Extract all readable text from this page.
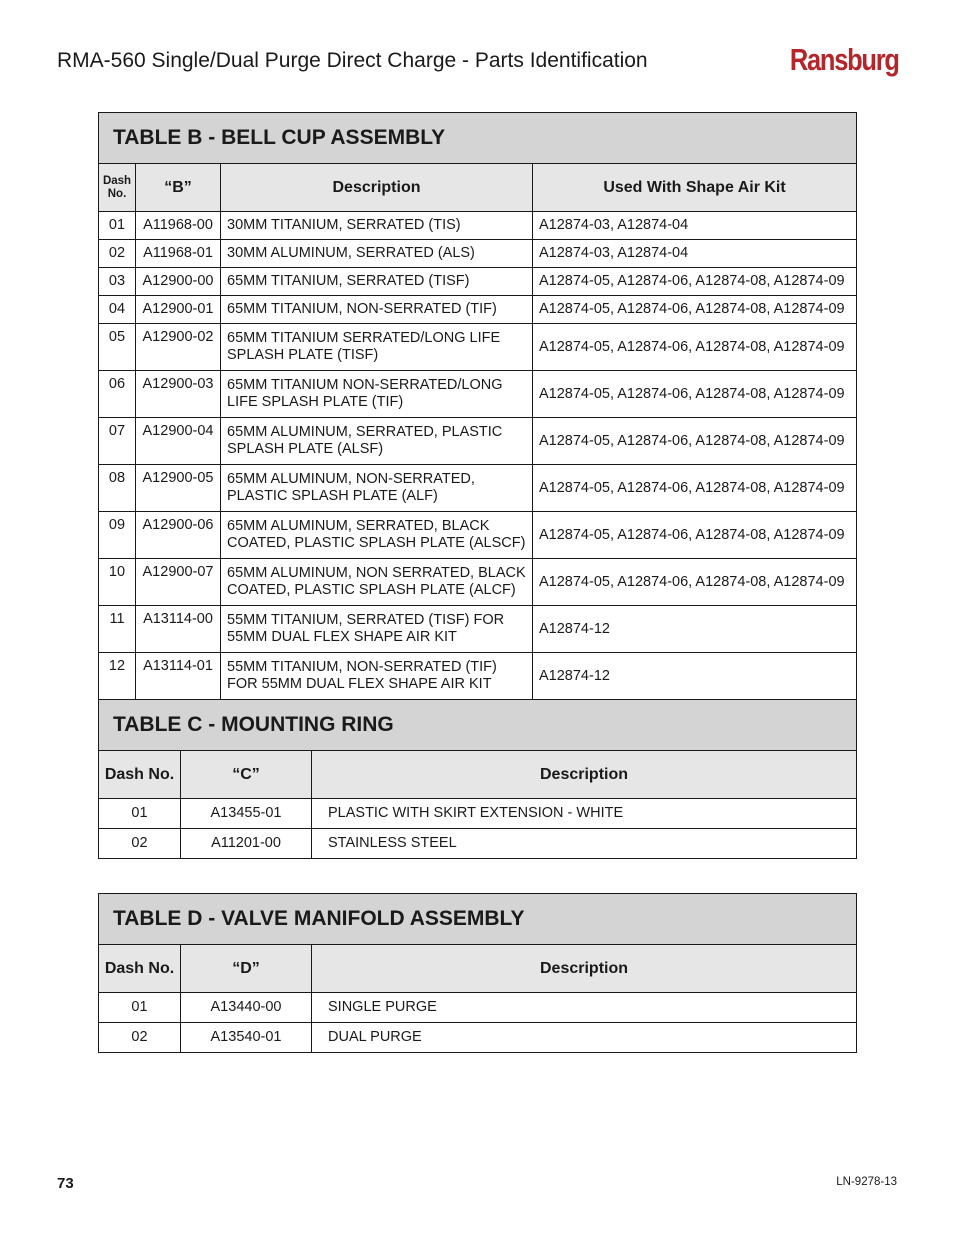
RMA-560 Single/Dual Purge Direct Charge - Parts Identification	Ransburg
TABLE B - BELL CUP ASSEMBLY			
Dash No.	“B”	Description	Used With Shape Air Kit
01	A11968-00	30MM TITANIUM, SERRATED (TIS)	A12874-03, A12874-04
02	A11968-01	30MM ALUMINUM, SERRATED (ALS)	A12874-03, A12874-04
03	A12900-00	65MM TITANIUM, SERRATED (TISF)	A12874-05, A12874-06, A12874-08, A12874-09
04	A12900-01	65MM TITANIUM, NON-SERRATED (TIF)	A12874-05, A12874-06, A12874-08, A12874-09
05	A12900-02	65MM TITANIUM SERRATED/LONG LIFE SPLASH PLATE (TISF)	A12874-05, A12874-06, A12874-08, A12874-09
06	A12900-03	65MM TITANIUM NON-SERRATED/LONG LIFE SPLASH PLATE (TIF)	A12874-05, A12874-06, A12874-08, A12874-09
07	A12900-04	65MM ALUMINUM, SERRATED, PLASTIC SPLASH PLATE (ALSF)	A12874-05, A12874-06, A12874-08, A12874-09
08	A12900-05	65MM ALUMINUM, NON-SERRATED, PLASTIC SPLASH PLATE (ALF)	A12874-05, A12874-06, A12874-08, A12874-09
09	A12900-06	65MM ALUMINUM, SERRATED, BLACK COATED, PLASTIC SPLASH PLATE (ALSCF)	A12874-05, A12874-06, A12874-08, A12874-09
10	A12900-07	65MM ALUMINUM, NON SERRATED, BLACK COATED, PLASTIC SPLASH PLATE (ALCF)	A12874-05, A12874-06, A12874-08, A12874-09
11	A13114-00	55MM TITANIUM, SERRATED (TISF) FOR 55MM DUAL FLEX SHAPE AIR KIT	A12874-12
12	A13114-01	55MM TITANIUM, NON-SERRATED (TIF) FOR 55MM DUAL FLEX SHAPE AIR KIT	A12874-12
TABLE C - MOUNTING RING		
Dash No.	“C”	Description
01	A13455-01	PLASTIC WITH SKIRT EXTENSION - WHITE
02	A11201-00	STAINLESS STEEL
TABLE D - VALVE MANIFOLD ASSEMBLY		
Dash No.	“D”	Description
01	A13440-00	SINGLE PURGE
02	A13540-01	DUAL PURGE
73	LN-9278-13
